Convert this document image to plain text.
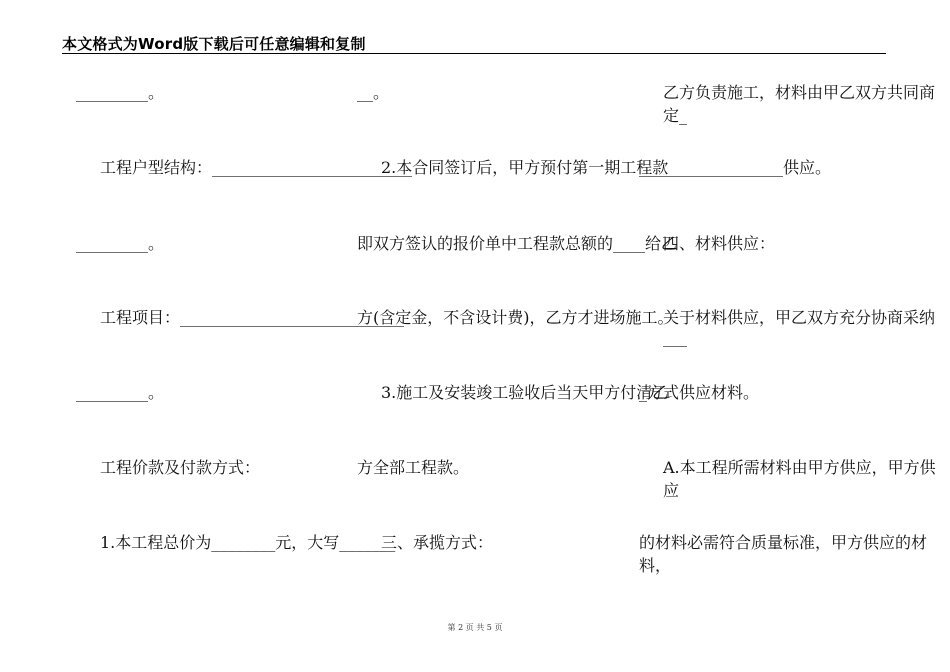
本文格式为Word版下载后可任意编辑和复制
_________。
工程户型结构：_________________________
_________。
工程项目：____________________________
_________。
工程价款及付款方式：
1.本工程总价为________元，大写_______
__。
2.本合同签订后，甲方预付第一期工程款
即双方签认的报价单中工程款总额的____给乙
方(含定金，不含设计费)，乙方才进场施工。
3.施工及安装竣工验收后当天甲方付清乙
方全部工程款。
三、承揽方式：
乙方负责施工，材料由甲乙双方共同商定_
__________________供应。
四、材料供应：
关于材料供应，甲乙双方充分协商采纳___
_方式供应材料。
A.本工程所需材料由甲方供应，甲方供应
的材料必需符合质量标准，甲方供应的材料，
第 2 页 共 5 页
